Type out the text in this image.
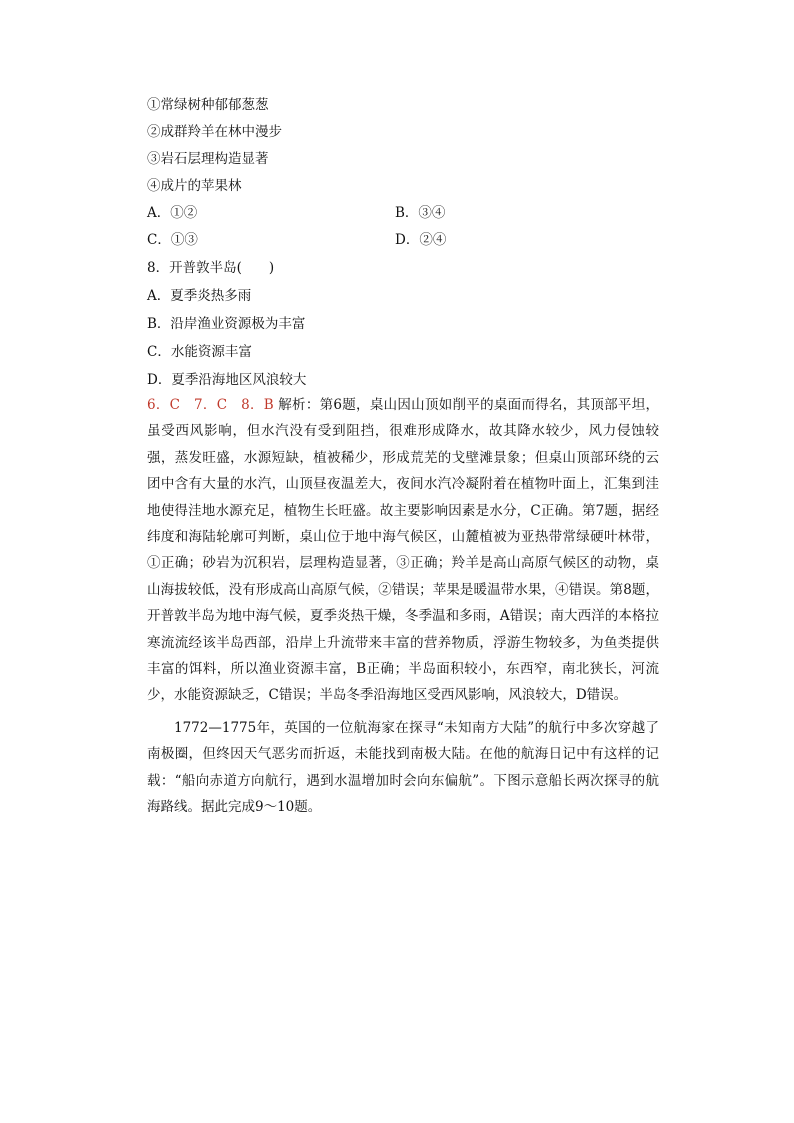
①常绿树种郁郁葱葱
②成群羚羊在林中漫步
③岩石层理构造显著
④成片的苹果林
A．①②	B．③④
C．①③	D．②④
8．开普敦半岛(　　)
A．夏季炎热多雨
B．沿岸渔业资源极为丰富
C．水能资源丰富
D．夏季沿海地区风浪较大
6．C　7．C　8．B 解析：第6题，桌山因山顶如削平的桌面而得名，其顶部平坦，虽受西风影响，但水汽没有受到阻挡，很难形成降水，故其降水较少，风力侵蚀较强，蒸发旺盛，水源短缺，植被稀少，形成荒芜的戈壁滩景象；但桌山顶部环绕的云团中含有大量的水汽，山顶昼夜温差大，夜间水汽冷凝附着在植物叶面上，汇集到洼地使得洼地水源充足，植物生长旺盛。故主要影响因素是水分，C正确。第7题，据经纬度和海陆轮廓可判断，桌山位于地中海气候区，山麓植被为亚热带常绿硬叶林带，①正确；砂岩为沉积岩，层理构造显著，③正确；羚羊是高山高原气候区的动物，桌山海拔较低，没有形成高山高原气候，②错误；苹果是暖温带水果，④错误。第8题，开普敦半岛为地中海气候，夏季炎热干燥，冬季温和多雨，A错误；南大西洋的本格拉寒流流经该半岛西部，沿岸上升流带来丰富的营养物质，浮游生物较多，为鱼类提供丰富的饵料，所以渔业资源丰富，B正确；半岛面积较小，东西窄，南北狭长，河流少，水能资源缺乏，C错误；半岛冬季沿海地区受西风影响，风浪较大，D错误。
1772—1775年，英国的一位航海家在探寻“未知南方大陆”的航行中多次穿越了南极圈，但终因天气恶劣而折返，未能找到南极大陆。在他的航海日记中有这样的记载：“船向赤道方向航行，遇到水温增加时会向东偏航”。下图示意船长两次探寻的航海路线。据此完成9～10题。
